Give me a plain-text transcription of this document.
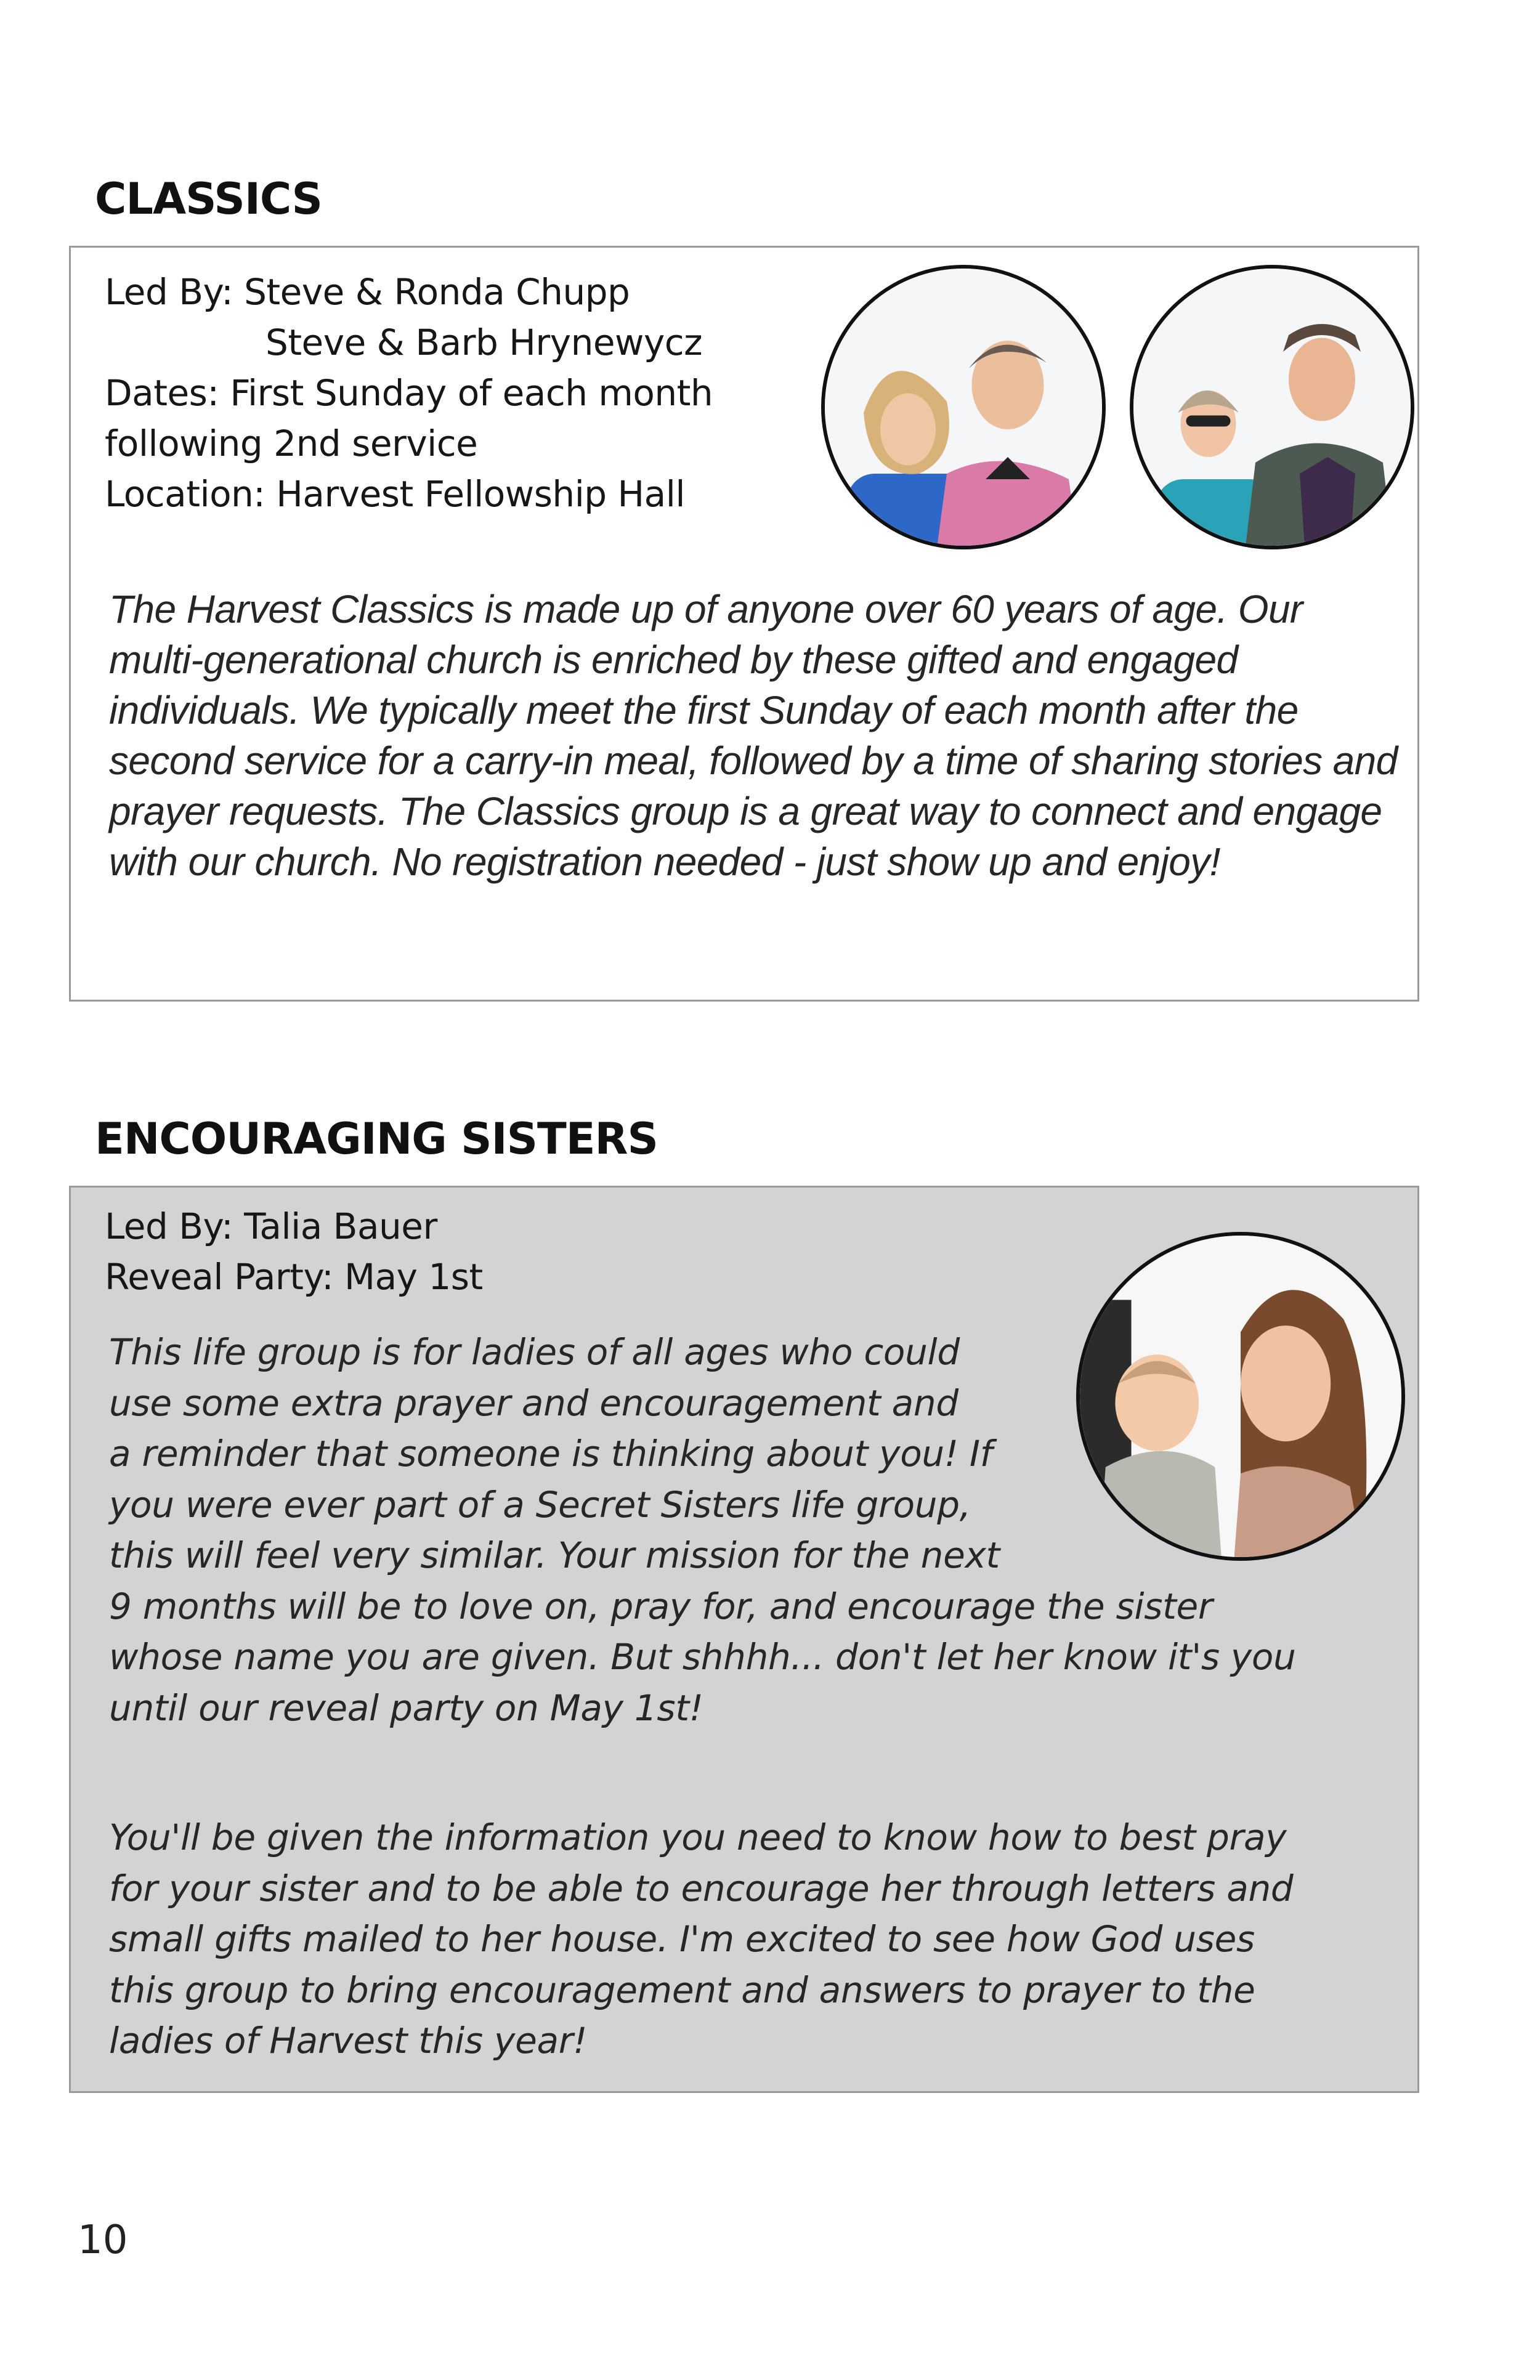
CLASSICS

Led By: Steve & Ronda Chupp

Steve & Barb Hrynewycz

Dates: First Sunday of each month

following 2nd service

Location: Harvest Fellowship Hall

The Harvest Classics is made up of anyone over 60 years of age. Our multi-generational church is enriched by these gifted and engaged individuals. We typically meet the first Sunday of each month after the second service for a carry-in meal, followed by a time of sharing stories and prayer requests. The Classics group is a great way to connect and engage with our church. No registration needed - just show up and enjoy!

ENCOURAGING SISTERS

Led By: Talia Bauer

Reveal Party: May 1st

This life group is for ladies of all ages who could
use some extra prayer and encouragement and
a reminder that someone is thinking about you! If
you were ever part of a Secret Sisters life group,
this will feel very similar. Your mission for the next
9 months will be to love on, pray for, and encourage the sister
whose name you are given. But shhhh... don't let her know it's you
until our reveal party on May 1st!

You'll be given the information you need to know how to best pray
for your sister and to be able to encourage her through letters and
small gifts mailed to her house. I'm excited to see how God uses
this group to bring encouragement and answers to prayer to the
ladies of Harvest this year!

10
